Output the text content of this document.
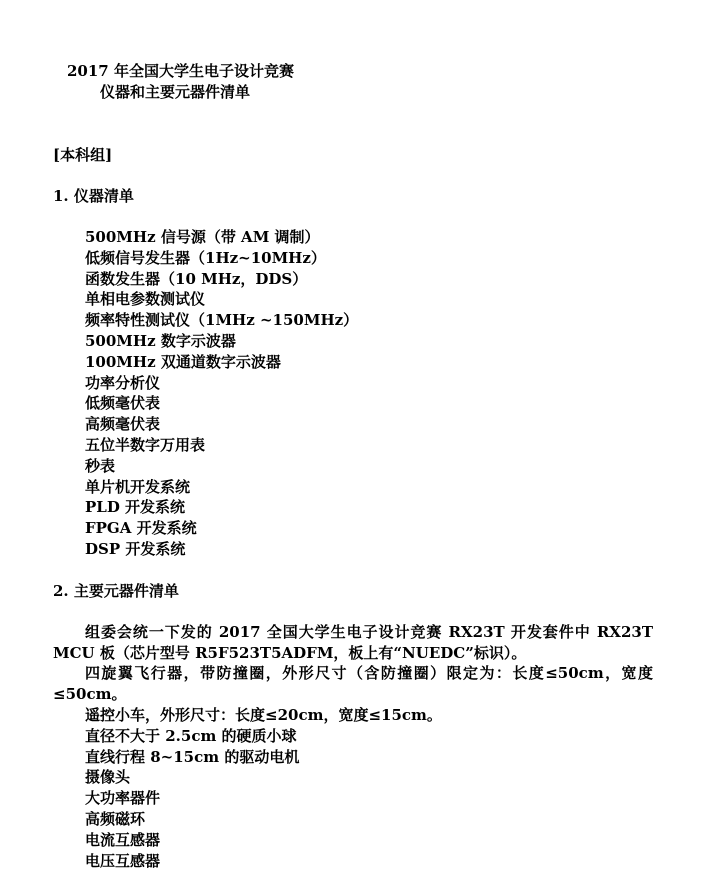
2017 年全国大学生电子设计竞赛
仪器和主要元器件清单
[本科组]
1. 仪器清单
500MHz 信号源（带 AM 调制）
低频信号发生器（1Hz~10MHz）
函数发生器（10 MHz，DDS）
单相电参数测试仪
频率特性测试仪（1MHz ~150MHz）
500MHz 数字示波器
100MHz 双通道数字示波器
功率分析仪
低频毫伏表
高频毫伏表
五位半数字万用表
秒表
单片机开发系统
PLD 开发系统
FPGA 开发系统
DSP 开发系统
2. 主要元器件清单

组委会统一下发的 2017 全国大学生电子设计竞赛 RX23T 开发套件中 RX23T MCU 板（芯片型号 R5F523T5ADFM，板上有“NUEDC”标识）。

四旋翼飞行器，带防撞圈，外形尺寸（含防撞圈）限定为：长度≤50cm，宽度≤50cm。

遥控小车，外形尺寸：长度≤20cm，宽度≤15cm。
直径不大于 2.5cm 的硬质小球
直线行程 8~15cm 的驱动电机
摄像头
大功率器件
高频磁环
电流互感器
电压互感器
